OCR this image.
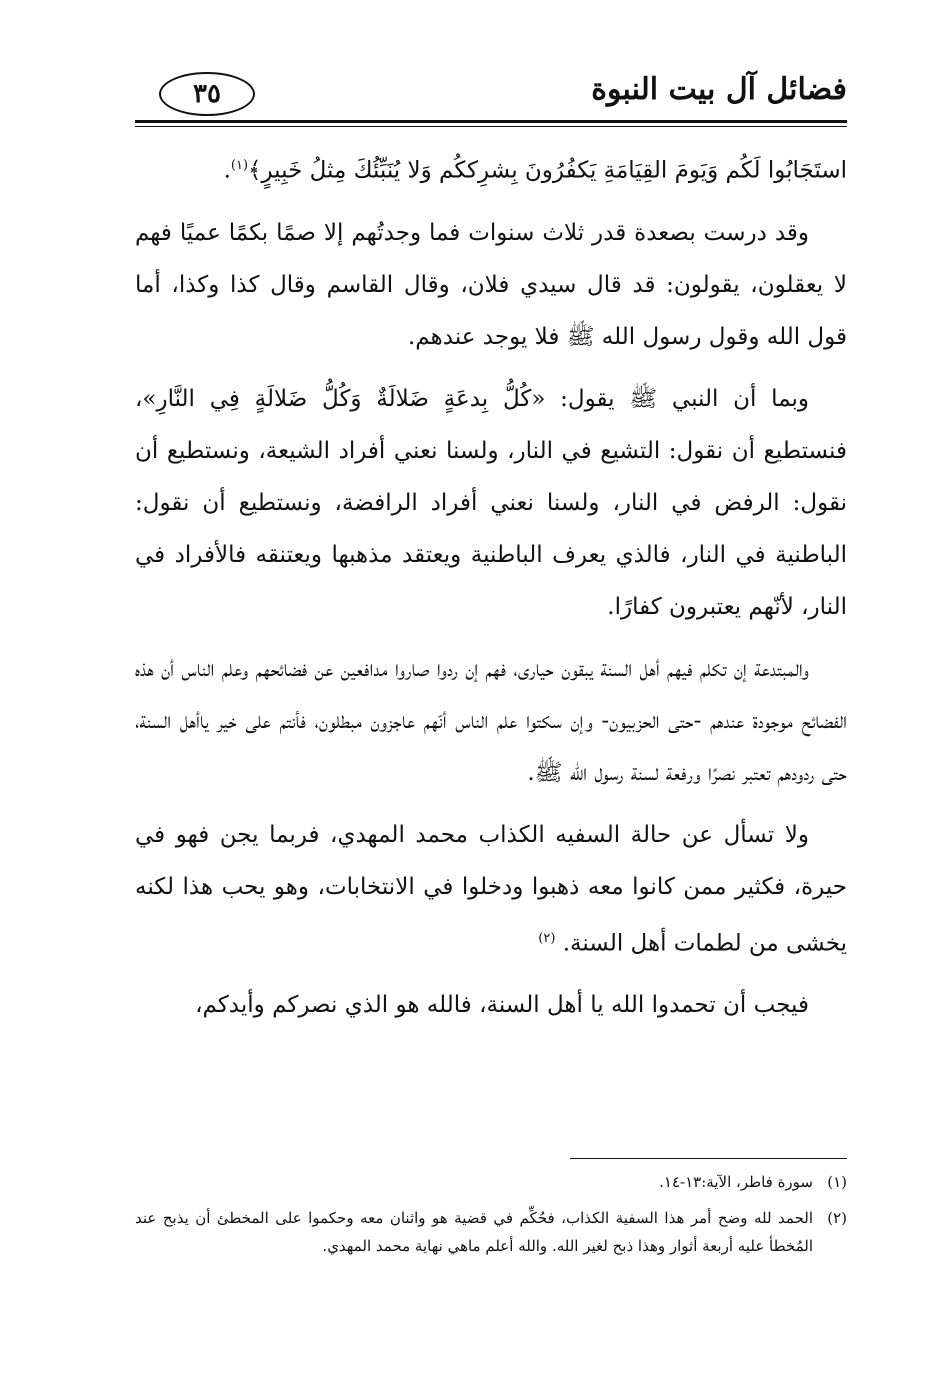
فضائل آل بيت النبوة
٣٥

استَجَابُوا لَكُم وَيَومَ القِيَامَةِ يَكفُرُونَ بِشرِككُم وَلا يُنَبِّئُكَ مِثلُ خَبِيرٍ﴾$^{(١)}$.

وقد درست بصعدة قدر ثلاث سنوات فما وجدتُهم إلا صمًا بكمًا عميًا فهم لا يعقلون، يقولون: قد قال سيدي فلان، وقال القاسم وقال كذا وكذا، أما قول الله وقول رسول الله ﷺ فلا يوجد عندهم.

وبما أن النبي ﷺ يقول: «كُلُّ بِدعَةٍ ضَلالَةٌ وَكُلُّ ضَلالَةٍ فِي النَّارِ»، فنستطيع أن نقول: التشيع في النار، ولسنا نعني أفراد الشيعة، ونستطيع أن نقول: الرفض في النار، ولسنا نعني أفراد الرافضة، ونستطيع أن نقول: الباطنية في النار، فالذي يعرف الباطنية ويعتقد مذهبها ويعتنقه فالأفراد في النار، لأنّهم يعتبرون كفارًا.

والمبتدعة إن تكلم فيهم أهل السنة يبقون حيارى، فهم إن ردوا صاروا مدافعين عن فضائحهم وعلم الناس أن هذه الفضائح موجودة عندهم -حتى الحزبيون- وإن سكتوا علم الناس أنّهم عاجزون مبطلون، فأنتم على خير ياأهل السنة، حتى ردودهم تعتبر نصرًا ورفعة لسنة رسول الله ﷺ.

ولا تسأل عن حالة السفيه الكذاب محمد المهدي، فربما يجن فهو في حيرة، فكثير ممن كانوا معه ذهبوا ودخلوا في الانتخابات، وهو يحب هذا لكنه يخشى من لطمات أهل السنة. $^{(٢)}$

فيجب أن تحمدوا الله يا أهل السنة، فالله هو الذي نصركم وأيدكم،

(١)
سورة فاطر، الآية:١٣-١٤.
(٢)
الحمد لله وضح أمر هذا السفية الكذاب، فحُكِّم في قضية هو واثنان معه وحكموا على المخطئ أن يذبح عند المُخطأ عليه أربعة أثوار وهذا ذبح لغير الله. والله أعلم ماهي نهاية محمد المهدي.
